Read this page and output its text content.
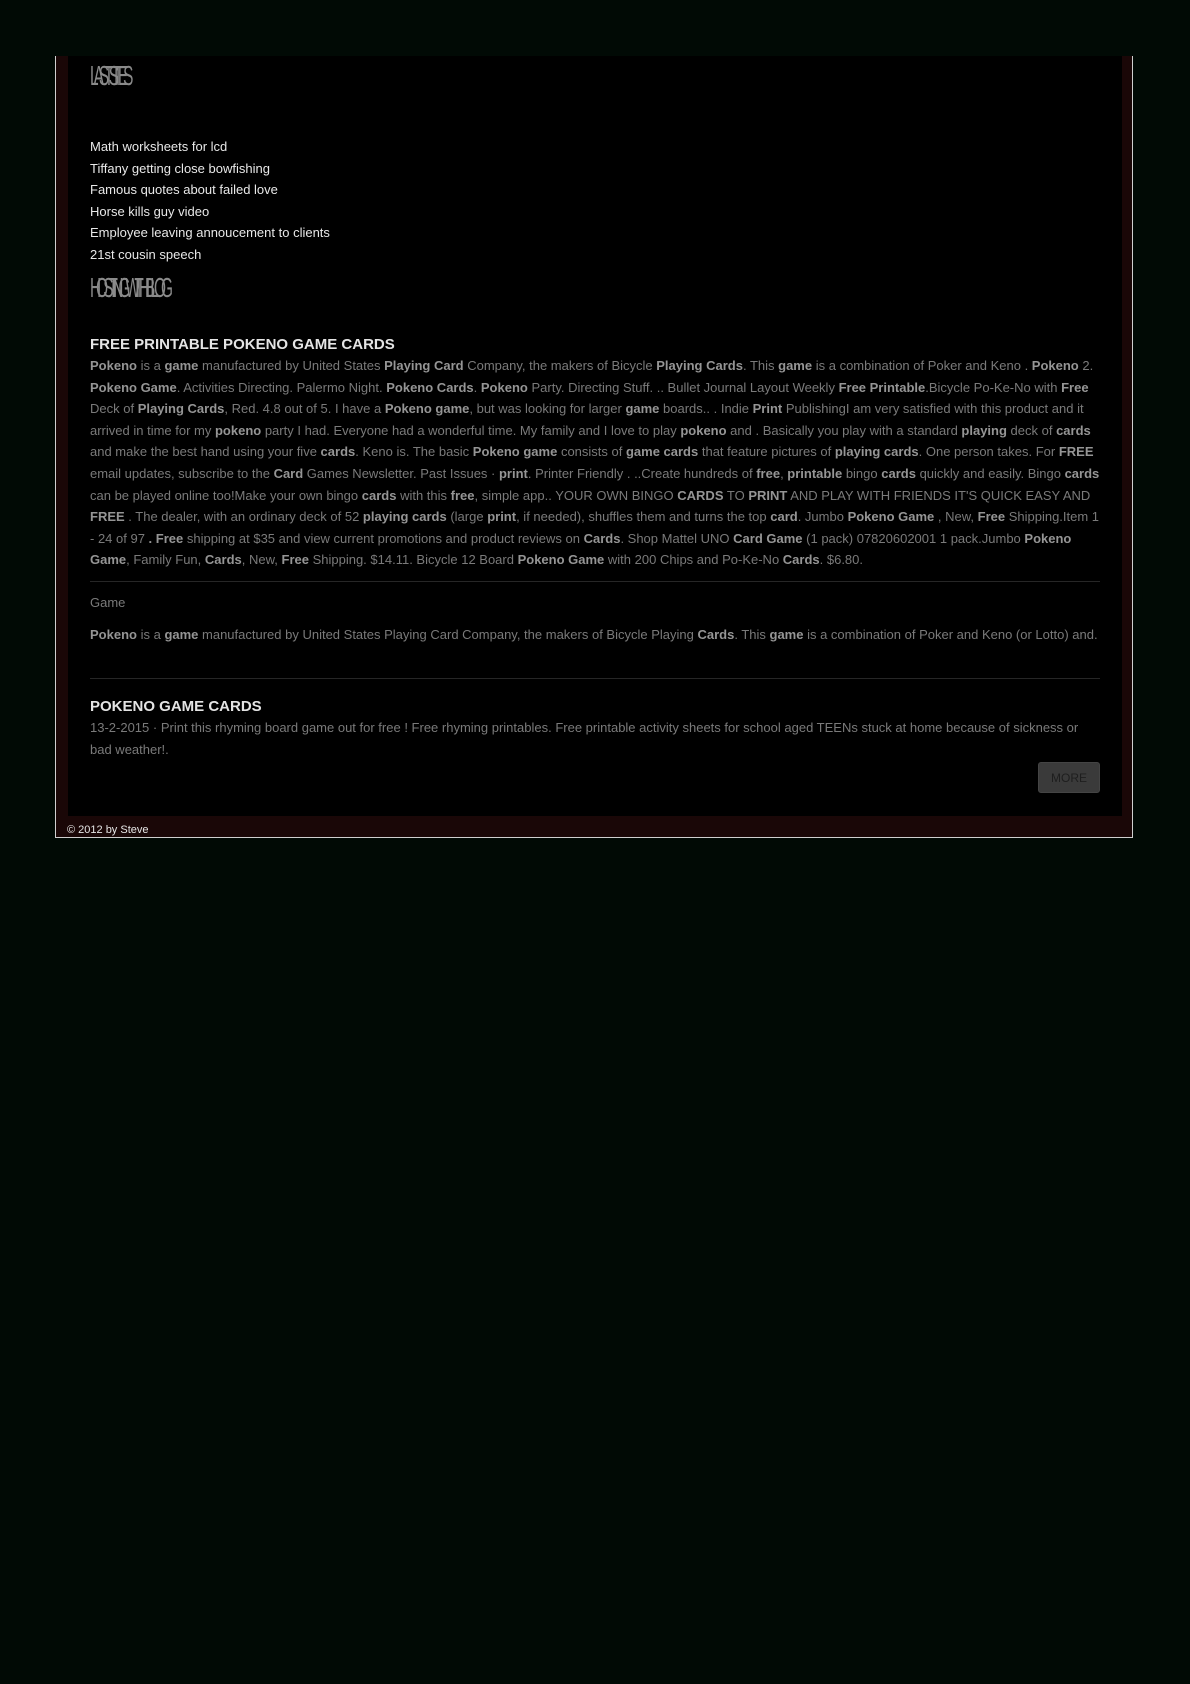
LASTSITES
Math worksheets for lcd
Tiffany getting close bowfishing
Famous quotes about failed love
Horse kills guy video
Employee leaving annoucement to clients
21st cousin speech
HOSTINGWITHBLOG
FREE PRINTABLE POKENO GAME CARDS

Pokeno is a game manufactured by United States Playing Card Company, the makers of Bicycle Playing Cards. This game is a combination of Poker and Keno . Pokeno 2. Pokeno Game. Activities Directing. Palermo Night. Pokeno Cards. Pokeno Party. Directing Stuff. .. Bullet Journal Layout Weekly Free Printable.Bicycle Po-Ke-No with Free Deck of Playing Cards, Red. 4.8 out of 5. I have a Pokeno game, but was looking for larger game boards.. . Indie Print PublishingI am very satisfied with this product and it arrived in time for my pokeno party I had. Everyone had a wonderful time. My family and I love to play pokeno and . Basically you play with a standard playing deck of cards and make the best hand using your five cards. Keno is. The basic Pokeno game consists of game cards that feature pictures of playing cards. One person takes. For FREE email updates, subscribe to the Card Games Newsletter. Past Issues · print. Printer Friendly . ..Create hundreds of free, printable bingo cards quickly and easily. Bingo cards can be played online too!Make your own bingo cards with this free, simple app.. YOUR OWN BINGO CARDS TO PRINT AND PLAY WITH FRIENDS IT'S QUICK EASY AND FREE . The dealer, with an ordinary deck of 52 playing cards (large print, if needed), shuffles them and turns the top card. Jumbo Pokeno Game , New, Free Shipping.Item 1 - 24 of 97 . Free shipping at $35 and view current promotions and product reviews on Cards. Shop Mattel UNO Card Game (1 pack) 07820602001 1 pack.Jumbo Pokeno Game, Family Fun, Cards, New, Free Shipping. $14.11. Bicycle 12 Board Pokeno Game with 200 Chips and Po-Ke-No Cards. $6.80.

Game

Pokeno is a game manufactured by United States Playing Card Company, the makers of Bicycle Playing Cards. This game is a combination of Poker and Keno (or Lotto) and.

POKENO GAME CARDS

13-2-2015 · Print this rhyming board game out for free ! Free rhyming printables. Free printable activity sheets for school aged TEENs stuck at home because of sickness or bad weather!.

MORE
© 2012 by Steve
